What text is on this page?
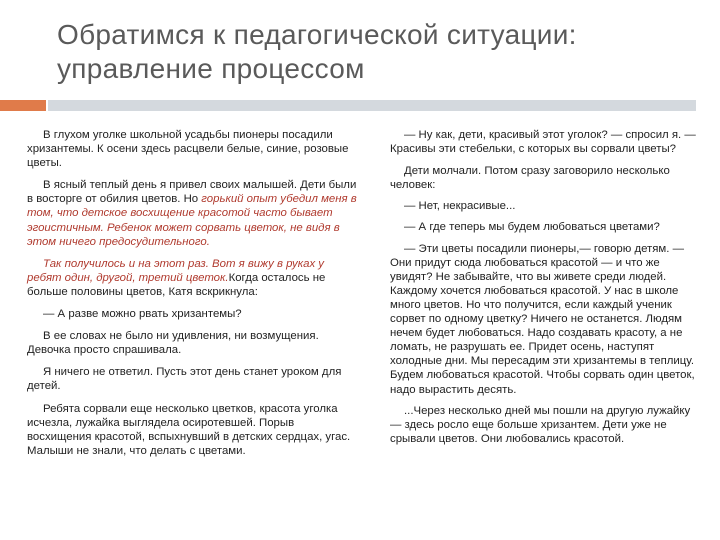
Обратимся к педагогической ситуации:
управление процессом

В глухом уголке школьной усадьбы пионеры посадили хризантемы. К осени здесь расцвели белые, синие, розовые цветы.

В ясный теплый день я привел своих малышей. Дети были в восторге от обилия цветов. Но горький опыт убедил меня в том, что детское восхищение красотой часто бывает эгоистичным. Ребенок может сорвать цветок, не видя в этом ничего предосудительного.

Так получилось и на этот раз. Вот я вижу в руках у ребят один, другой, третий цветок.Когда осталось не больше половины цветов, Катя вскрикнула:

— А разве можно рвать хризантемы?

В ее словах не было ни удивления, ни возмущения. Девочка просто спрашивала.

Я ничего не ответил. Пусть этот день станет уроком для детей.

Ребята сорвали еще несколько цветков, красота уголка исчезла, лужайка выглядела осиротевшей. Порыв восхищения красотой, вспыхнувший в детских сердцах, угас. Малыши не знали, что делать с цветами.

— Ну как, дети, красивый этот уголок? — спросил я. — Красивы эти стебельки, с которых вы сорвали цветы?

Дети молчали. Потом сразу заговорило несколько человек:

— Нет, некрасивые...

— А где теперь мы будем любоваться цветами?

— Эти цветы посадили пионеры,— говорю детям. — Они придут сюда любоваться красотой — и что же увидят? Не забывайте, что вы живете среди людей. Каждому хочется любоваться красотой. У нас в школе много цветов. Но что получится, если каждый ученик сорвет по одному цветку? Ничего не останется. Людям нечем будет любоваться. Надо создавать красоту, а не ломать, не разрушать ее. Придет осень, наступят холодные дни. Мы пересадим эти хризантемы в теплицу. Будем любоваться красотой. Чтобы сорвать один цветок, надо вырастить десять.

...Через несколько дней мы пошли на другую лужайку — здесь росло еще больше хризантем. Дети уже не срывали цветов. Они любовались красотой.
